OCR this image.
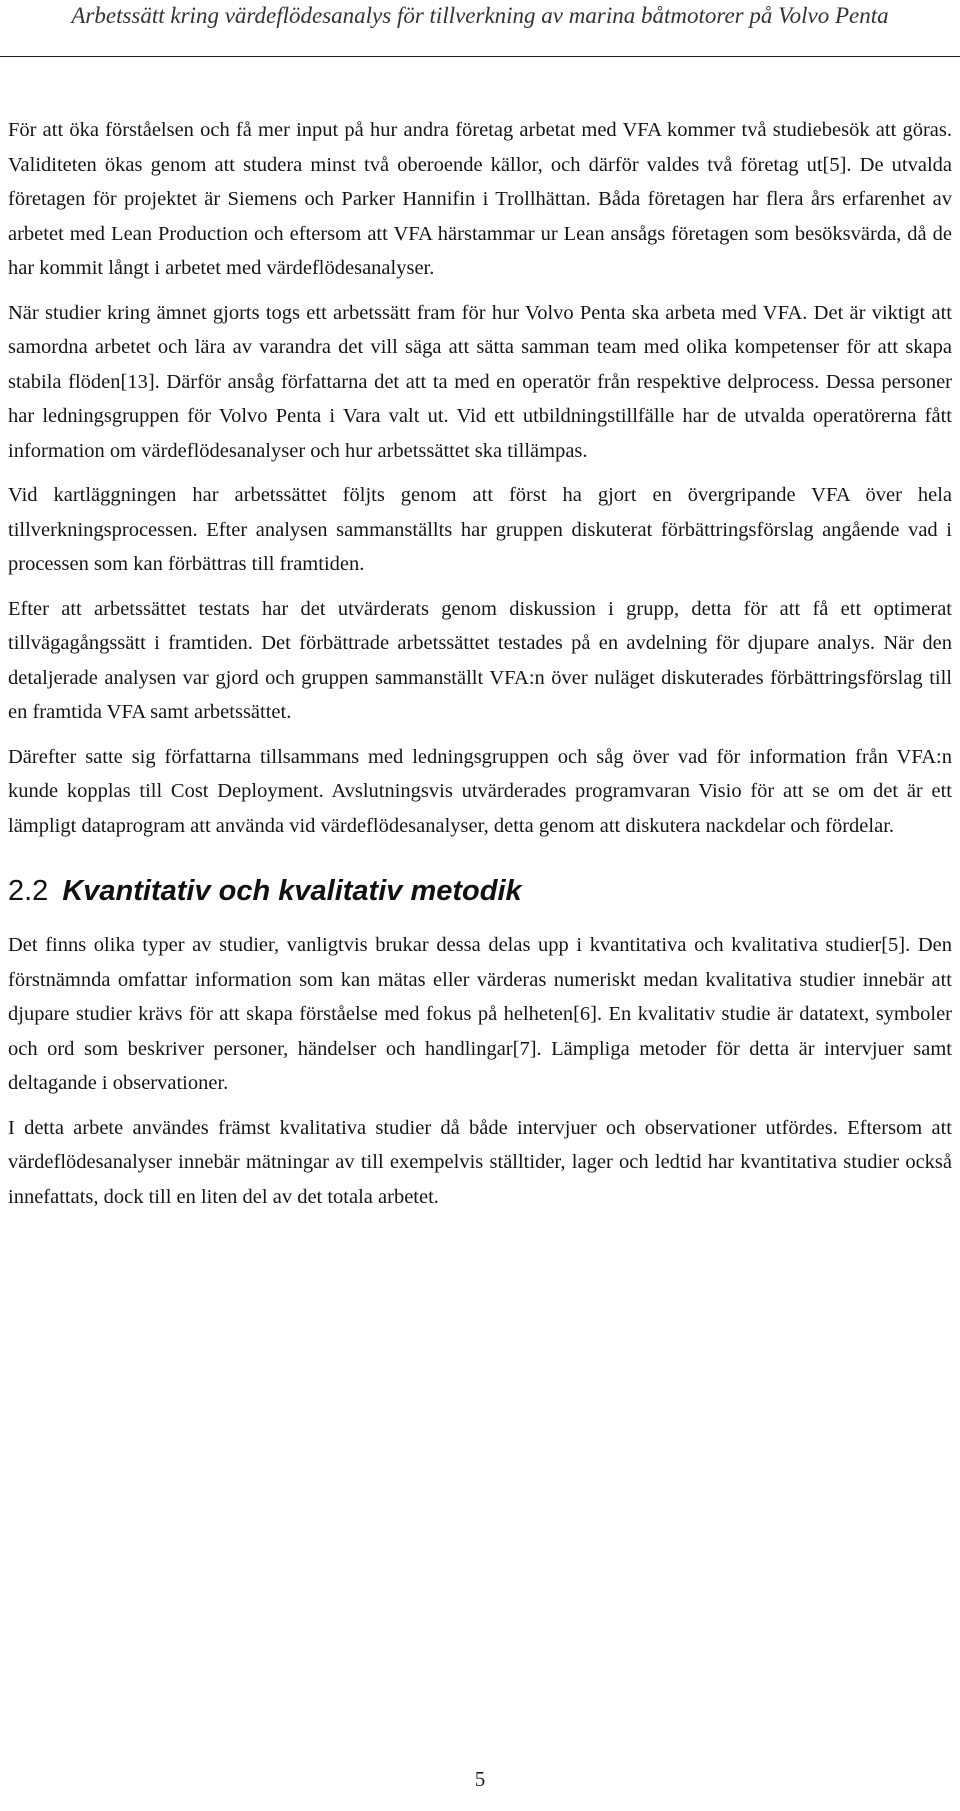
Arbetssätt kring värdeflödesanalys för tillverkning av marina båtmotorer på Volvo Penta

För att öka förståelsen och få mer input på hur andra företag arbetat med VFA kommer två studiebesök att göras. Validiteten ökas genom att studera minst två oberoende källor, och därför valdes två företag ut[5]. De utvalda företagen för projektet är Siemens och Parker Hannifin i Trollhättan. Båda företagen har flera års erfarenhet av arbetet med Lean Production och eftersom att VFA härstammar ur Lean ansågs företagen som besöksvärda, då de har kommit långt i arbetet med värdeflödesanalyser.

När studier kring ämnet gjorts togs ett arbetssätt fram för hur Volvo Penta ska arbeta med VFA. Det är viktigt att samordna arbetet och lära av varandra det vill säga att sätta samman team med olika kompetenser för att skapa stabila flöden[13]. Därför ansåg författarna det att ta med en operatör från respektive delprocess. Dessa personer har ledningsgruppen för Volvo Penta i Vara valt ut. Vid ett utbildningstillfälle har de utvalda operatörerna fått information om värdeflödesanalyser och hur arbetssättet ska tillämpas.

Vid kartläggningen har arbetssättet följts genom att först ha gjort en övergripande VFA över hela tillverkningsprocessen. Efter analysen sammanställts har gruppen diskuterat förbättringsförslag angående vad i processen som kan förbättras till framtiden.

Efter att arbetssättet testats har det utvärderats genom diskussion i grupp, detta för att få ett optimerat tillvägagångssätt i framtiden. Det förbättrade arbetssättet testades på en avdelning för djupare analys. När den detaljerade analysen var gjord och gruppen sammanställt VFA:n över nuläget diskuterades förbättringsförslag till en framtida VFA samt arbetssättet.

Därefter satte sig författarna tillsammans med ledningsgruppen och såg över vad för information från VFA:n kunde kopplas till Cost Deployment. Avslutningsvis utvärderades programvaran Visio för att se om det är ett lämpligt dataprogram att använda vid värdeflödesanalyser, detta genom att diskutera nackdelar och fördelar.

2.2 Kvantitativ och kvalitativ metodik

Det finns olika typer av studier, vanligtvis brukar dessa delas upp i kvantitativa och kvalitativa studier[5]. Den förstnämnda omfattar information som kan mätas eller värderas numeriskt medan kvalitativa studier innebär att djupare studier krävs för att skapa förståelse med fokus på helheten[6]. En kvalitativ studie är datatext, symboler och ord som beskriver personer, händelser och handlingar[7]. Lämpliga metoder för detta är intervjuer samt deltagande i observationer.

I detta arbete användes främst kvalitativa studier då både intervjuer och observationer utfördes. Eftersom att värdeflödesanalyser innebär mätningar av till exempelvis ställtider, lager och ledtid har kvantitativa studier också innefattats, dock till en liten del av det totala arbetet.

5
